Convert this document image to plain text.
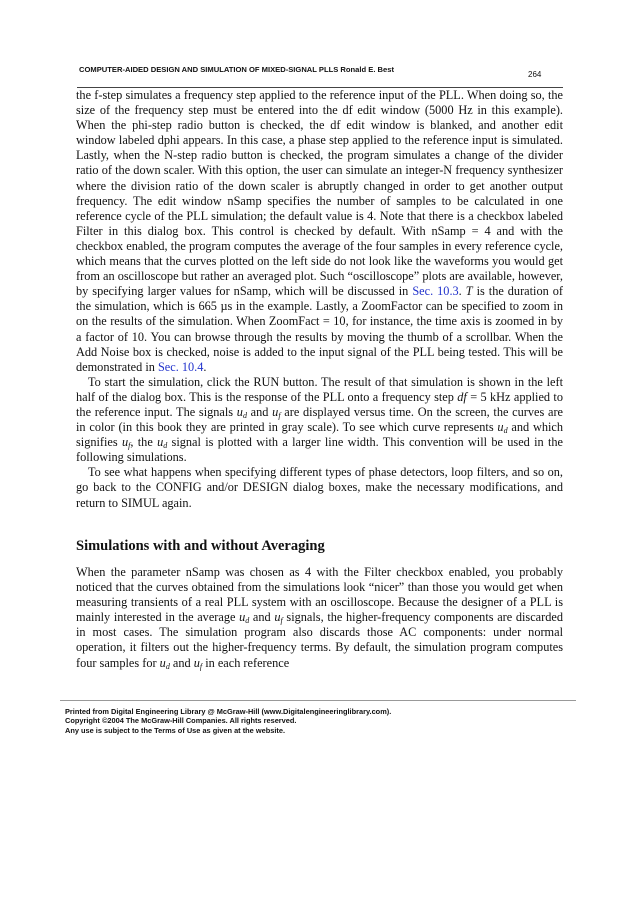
COMPUTER-AIDED DESIGN AND SIMULATION OF MIXED-SIGNAL PLLS Ronald E. Best
264

the f-step simulates a frequency step applied to the reference input of the PLL. When doing so, the size of the frequency step must be entered into the df edit window (5000 Hz in this example). When the phi-step radio button is checked, the df edit window is blanked, and another edit window labeled dphi appears. In this case, a phase step applied to the reference input is simulated. Lastly, when the N-step radio button is checked, the program simulates a change of the divider ratio of the down scaler. With this option, the user can simulate an integer-N frequency synthesizer where the division ratio of the down scaler is abruptly changed in order to get another output frequency. The edit window nSamp specifies the number of samples to be calculated in one reference cycle of the PLL simulation; the default value is 4. Note that there is a checkbox labeled Filter in this dialog box. This control is checked by default. With nSamp = 4 and with the checkbox enabled, the program computes the average of the four samples in every reference cycle, which means that the curves plotted on the left side do not look like the waveforms you would get from an oscilloscope but rather an averaged plot. Such “oscilloscope” plots are available, however, by specifying larger values for nSamp, which will be discussed in Sec. 10.3. T is the duration of the simulation, which is 665 µs in the example. Lastly, a ZoomFactor can be specified to zoom in on the results of the simulation. When ZoomFact = 10, for instance, the time axis is zoomed in by a factor of 10. You can browse through the results by moving the thumb of a scrollbar. When the Add Noise box is checked, noise is added to the input signal of the PLL being tested. This will be demonstrated in Sec. 10.4.

To start the simulation, click the RUN button. The result of that simulation is shown in the left half of the dialog box. This is the response of the PLL onto a frequency step df = 5 kHz applied to the reference input. The signals $u_d$ and $u_f$ are displayed versus time. On the screen, the curves are in color (in this book they are printed in gray scale). To see which curve represents $u_d$ and which signifies $u_f$, the $u_d$ signal is plotted with a larger line width. This convention will be used in the following simulations.

To see what happens when specifying different types of phase detectors, loop filters, and so on, go back to the CONFIG and/or DESIGN dialog boxes, make the necessary modifications, and return to SIMUL again.

Simulations with and without Averaging

When the parameter nSamp was chosen as 4 with the Filter checkbox enabled, you probably noticed that the curves obtained from the simulations look “nicer” than those you would get when measuring transients of a real PLL system with an oscilloscope. Because the designer of a PLL is mainly interested in the average $u_d$ and $u_f$ signals, the higher-frequency components are discarded in most cases. The simulation program also discards those AC components: under normal operation, it filters out the higher-frequency terms. By default, the simulation program computes four samples for $u_d$ and $u_f$ in each reference

Printed from Digital Engineering Library @ McGraw-Hill (www.Digitalengineeringlibrary.com).
Copyright ©2004 The McGraw-Hill Companies. All rights reserved.
Any use is subject to the Terms of Use as given at the website.
